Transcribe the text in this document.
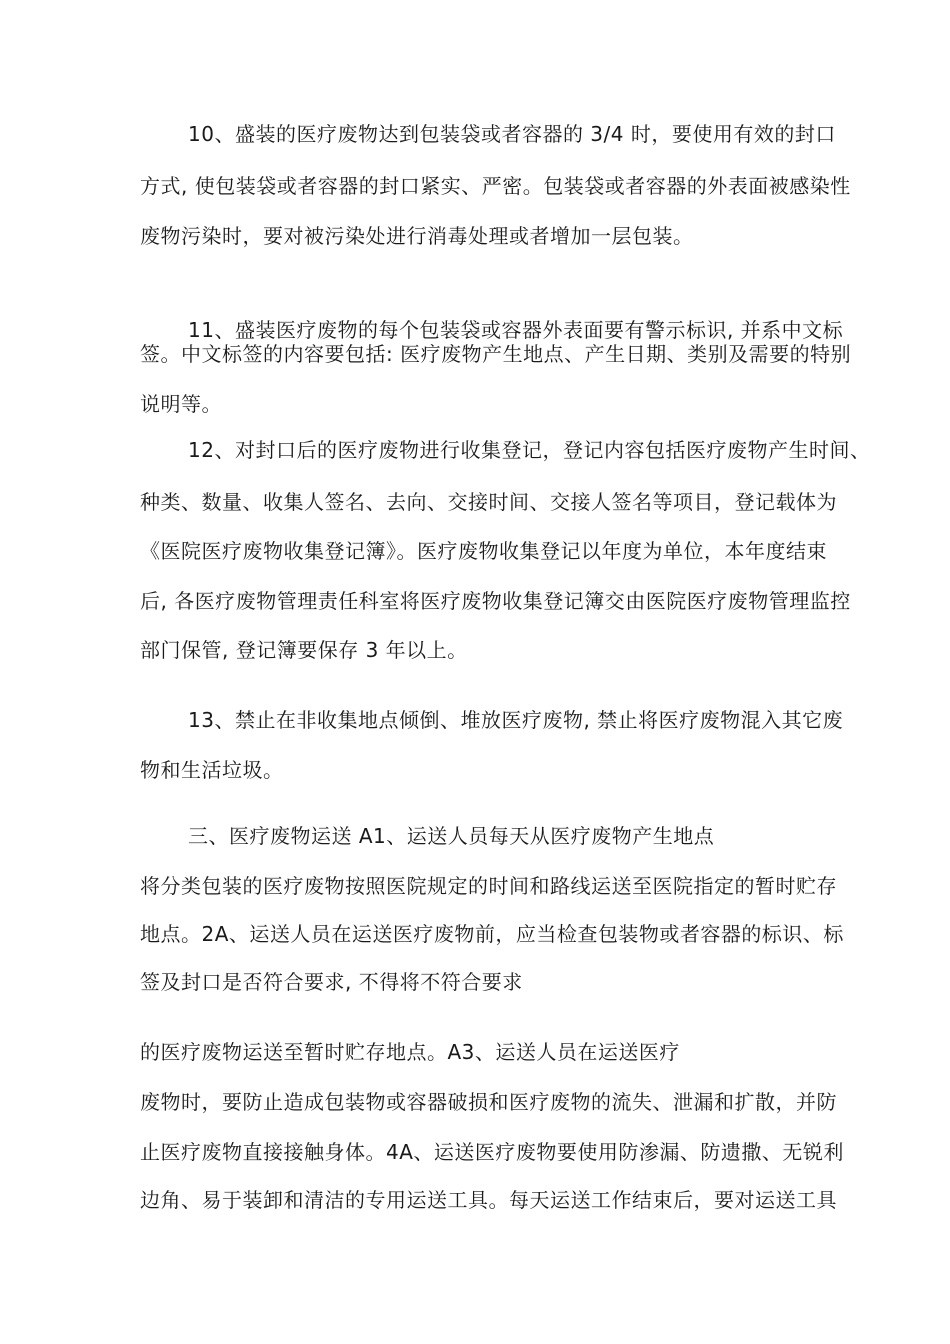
10、盛装的医疗废物达到包装袋或者容器的 3/4 时，要使用有效的封口
方式, 使包装袋或者容器的封口紧实、严密。包装袋或者容器的外表面被感染性
废物污染时，要对被污染处进行消毒处理或者增加一层包装。
11、盛装医疗废物的每个包装袋或容器外表面要有警示标识, 并系中文标
签。中文标签的内容要包括: 医疗废物产生地点、产生日期、类别及需要的特别
说明等。
12、对封口后的医疗废物进行收集登记，登记内容包括医疗废物产生时间、
种类、数量、收集人签名、去向、交接时间、交接人签名等项目，登记载体为
《医院医疗废物收集登记簿》。医疗废物收集登记以年度为单位，本年度结束
后, 各医疗废物管理责任科室将医疗废物收集登记簿交由医院医疗废物管理监控
部门保管, 登记簿要保存 3 年以上。
13、禁止在非收集地点倾倒、堆放医疗废物, 禁止将医疗废物混入其它废
物和生活垃圾。
三、医疗废物运送 A1、运送人员每天从医疗废物产生地点
将分类包装的医疗废物按照医院规定的时间和路线运送至医院指定的暂时贮存
地点。2A、运送人员在运送医疗废物前，应当检查包装物或者容器的标识、标
签及封口是否符合要求, 不得将不符合要求
的医疗废物运送至暂时贮存地点。A3、运送人员在运送医疗
废物时，要防止造成包装物或容器破损和医疗废物的流失、泄漏和扩散，并防
止医疗废物直接接触身体。4A、运送医疗废物要使用防渗漏、防遗撒、无锐利
边角、易于装卸和清洁的专用运送工具。每天运送工作结束后，要对运送工具
